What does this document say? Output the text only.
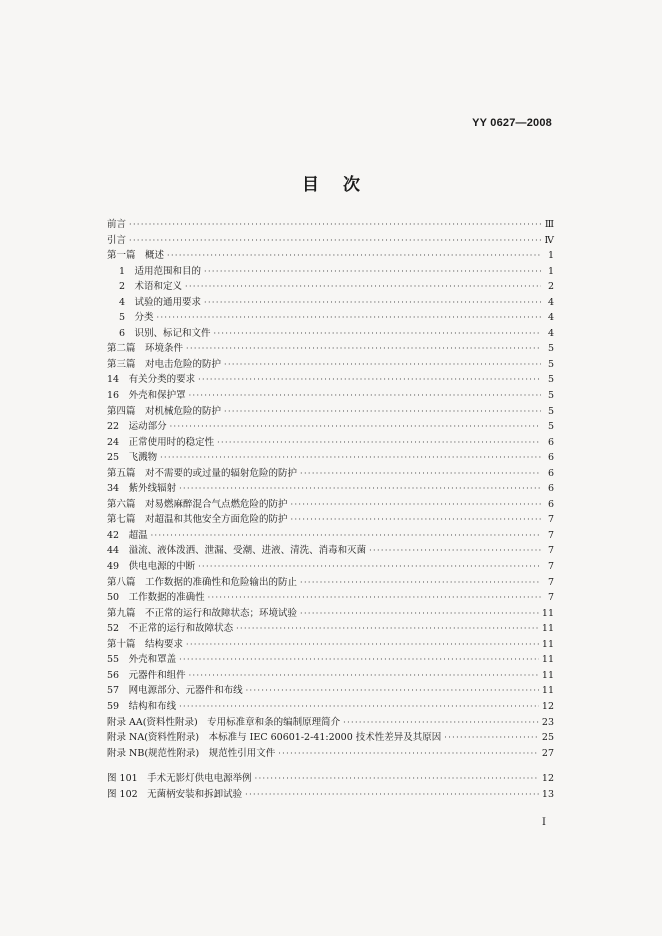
YY 0627—2008
目 次
前言 ·····	Ⅲ
引言 ·····	Ⅳ
第一篇　概述 ·····	1
1　适用范围和目的 ·····	1
2　术语和定义 ·····	2
4　试验的通用要求 ·····	4
5　分类 ·····	4
6　识别、标记和文件 ·····	4
第二篇　环境条件 ·····	5
第三篇　对电击危险的防护 ·····	5
14　有关分类的要求 ·····	5
16　外壳和保护罩 ·····	5
第四篇　对机械危险的防护 ·····	5
22　运动部分 ·····	5
24　正常使用时的稳定性 ·····	6
25　飞溅物 ·····	6
第五篇　对不需要的或过量的辐射危险的防护 ·····	6
34　紫外线辐射 ·····	6
第六篇　对易燃麻醉混合气点燃危险的防护 ·····	6
第七篇　对超温和其他安全方面危险的防护 ·····	7
42　超温 ·····	7
44　溢流、液体泼洒、泄漏、受潮、进液、清洗、消毒和灭菌 ·····	7
49　供电电源的中断 ·····	7
第八篇　工作数据的准确性和危险输出的防止 ·····	7
50　工作数据的准确性 ·····	7
第九篇　不正常的运行和故障状态；环境试验 ·····	11
52　不正常的运行和故障状态 ·····	11
第十篇　结构要求 ·····	11
55　外壳和罩盖 ·····	11
56　元器件和组件 ·····	11
57　网电源部分、元器件和布线 ·····	11
59　结构和布线 ·····	12
附录 AA(资料性附录)　专用标准章和条的编制原理简介 ·····	23
附录 NA(资料性附录)　本标准与 IEC 60601-2-41:2000 技术性差异及其原因 ·····	25
附录 NB(规范性附录)　规范性引用文件 ·····	27
图 101　手术无影灯供电电源举例 ·····	12
图 102　无菌柄安装和拆卸试验 ·····	13
I
